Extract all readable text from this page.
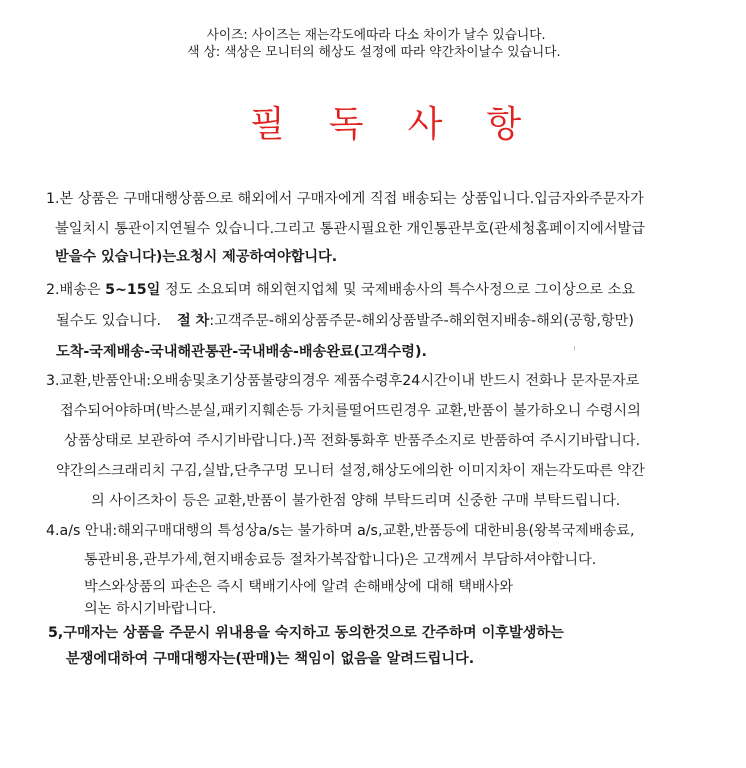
사이즈: 사이즈는 재는각도에따라 다소 차이가 날수 있습니다.
색 상: 색상은 모니터의 해상도 설정에 따라 약간차이날수 있습니다.
필 독 사 항
1.본 상품은 구매대행상품으로 해외에서 구매자에게 직접 배송되는 상품입니다.입금자와주문자가
불일치시 통관이지연될수 있습니다.그리고 통관시필요한 개인통관부호(관세청홈페이지에서발급
받을수 있습니다)는요청시 제공하여야합니다.
2.배송은 5~15일 정도 소요되며 해외현지업체 및 국제배송사의 특수사정으로 그이상으로 소요
될수도 있습니다. 절 차:고객주문-해외상품주문-해외상품발주-해외현지배송-해외(공항,항만)
도착-국제배송-국내해관통관-국내배송-배송완료(고객수령).
3.교환,반품안내:오배송및초기상품불량의경우 제품수령후24시간이내 반드시 전화나 문자문자로
접수되어야하며(박스분실,패키지훼손등 가치를떨어뜨린경우 교환,반품이 불가하오니 수령시의
상품상태로 보관하여 주시기바랍니다.)꼭 전화통화후 반품주소지로 반품하여 주시기바랍니다.
약간의스크래리치 구김,실밥,단추구멍 모니터 설정,해상도에의한 이미지차이 재는각도따른 약간
의 사이즈차이 등은 교환,반품이 불가한점 양해 부탁드리며 신중한 구매 부탁드립니다.
4.a/s 안내:해외구매대행의 특성상a/s는 불가하며 a/s,교환,반품등에 대한비용(왕복국제배송료,
통관비용,관부가세,현지배송료등 절차가복잡합니다)은 고객께서 부담하셔야합니다.
박스와상품의 파손은 즉시 택배기사에 알려 손해배상에 대해 택배사와
의논 하시기바랍니다.
5,구매자는 상품을 주문시 위내용을 숙지하고 동의한것으로 간주하며 이후발생하는
분쟁에대하여 구매대행자는(판매)는 책임이 없음을 알려드립니다.
